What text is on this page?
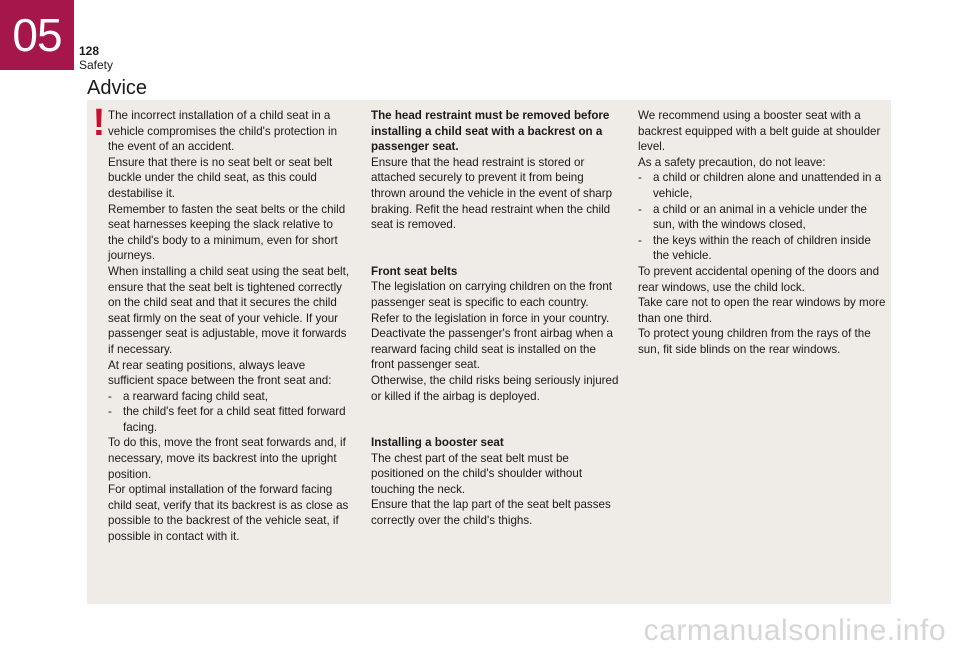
05	128
Safety
Advice
! The incorrect installation of a child seat in a vehicle compromises the child's protection in the event of an accident.

Ensure that there is no seat belt or seat belt buckle under the child seat, as this could destabilise it.

Remember to fasten the seat belts or the child seat harnesses keeping the slack relative to the child's body to a minimum, even for short journeys.

When installing a child seat using the seat belt, ensure that the seat belt is tightened correctly on the child seat and that it secures the child seat firmly on the seat of your vehicle. If your passenger seat is adjustable, move it forwards if necessary.

At rear seating positions, always leave sufficient space between the front seat and:

- a rearward facing child seat,
- the child's feet for a child seat fitted forward facing.

To do this, move the front seat forwards and, if necessary, move its backrest into the upright position.

For optimal installation of the forward facing child seat, verify that its backrest is as close as possible to the backrest of the vehicle seat, if possible in contact with it.

The head restraint must be removed before installing a child seat with a backrest on a passenger seat.

Ensure that the head restraint is stored or attached securely to prevent it from being thrown around the vehicle in the event of sharp braking. Refit the head restraint when the child seat is removed.

Front seat belts

The legislation on carrying children on the front passenger seat is specific to each country. Refer to the legislation in force in your country.

Deactivate the passenger's front airbag when a rearward facing child seat is installed on the front passenger seat.

Otherwise, the child risks being seriously injured or killed if the airbag is deployed.

Installing a booster seat

The chest part of the seat belt must be positioned on the child's shoulder without touching the neck.

Ensure that the lap part of the seat belt passes correctly over the child's thighs.

We recommend using a booster seat with a backrest equipped with a belt guide at shoulder level.

As a safety precaution, do not leave:

- a child or children alone and unattended in a vehicle,
- a child or an animal in a vehicle under the sun, with the windows closed,
- the keys within the reach of children inside the vehicle.

To prevent accidental opening of the doors and rear windows, use the child lock.

Take care not to open the rear windows by more than one third.

To protect young children from the rays of the sun, fit side blinds on the rear windows.

carmanualsonline.info
